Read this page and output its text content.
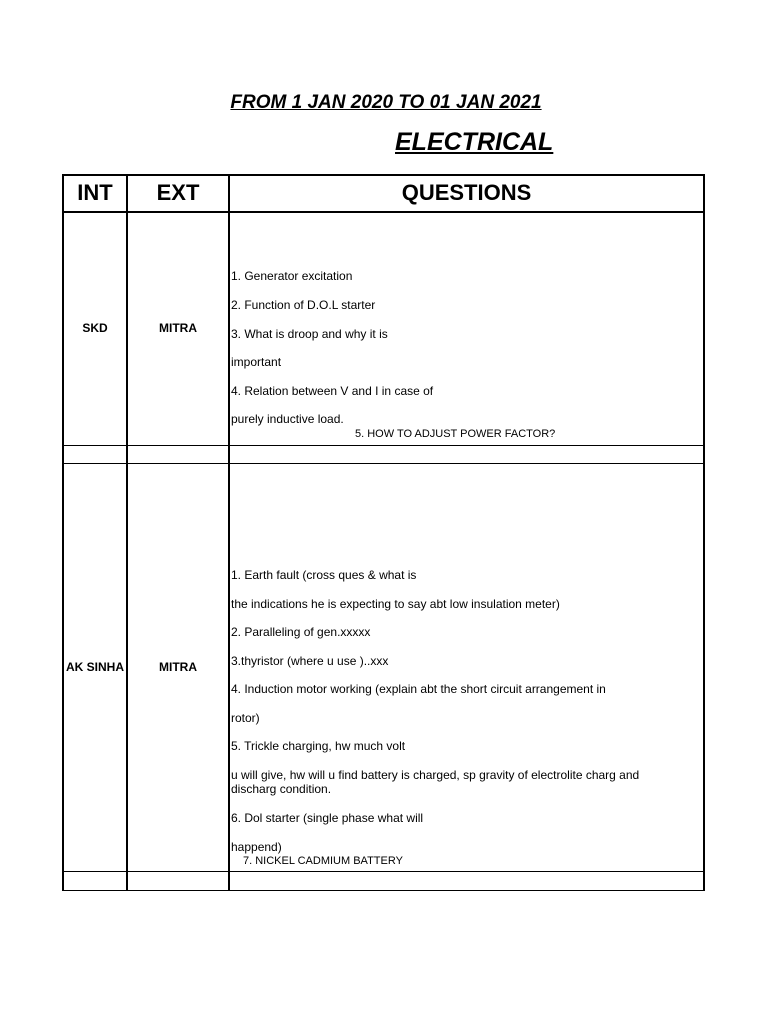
FROM 1 JAN 2020 TO 01 JAN 2021
ELECTRICAL
INT	EXT	QUESTIONS
SKD	MITRA
1. Generator excitation
2. Function of D.O.L starter
3. What is droop and why it is
important
4. Relation between V and I in case of
purely inductive load.
5. HOW TO ADJUST POWER FACTOR?
AK SINHA	MITRA
1. Earth fault (cross ques & what is
the indications he is expecting to say abt low insulation meter)
2. Paralleling of gen.xxxxx
3.thyristor (where u use )..xxx
4. Induction motor working (explain abt the short circuit arrangement in
rotor)
5. Trickle charging, hw much volt
u will give, hw will u find battery is charged, sp gravity of electrolite charg and discharg condition.
6. Dol starter (single phase what will
happend)
7. NICKEL CADMIUM BATTERY
